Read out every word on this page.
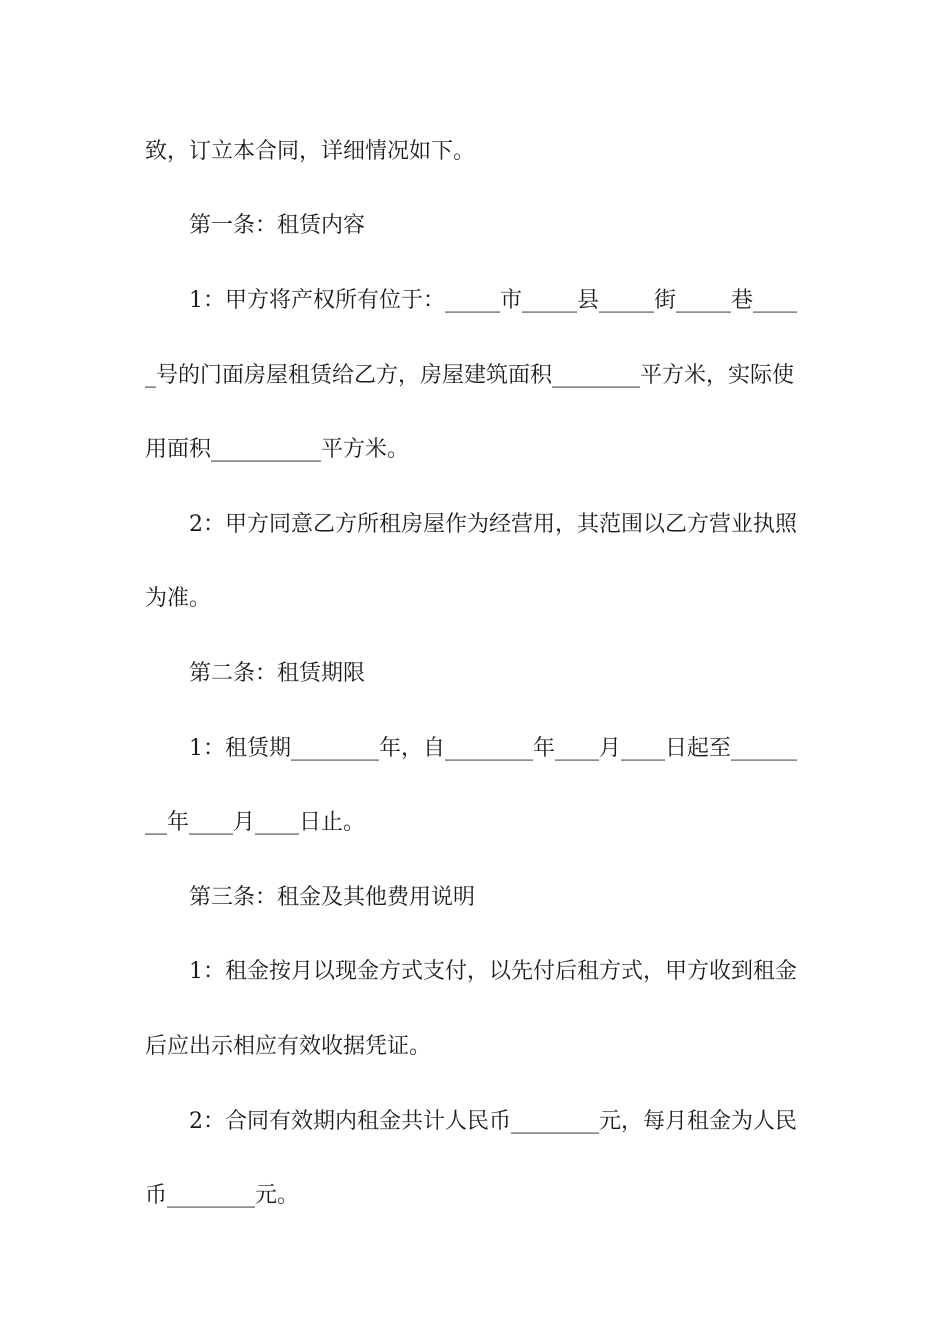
致，订立本合同，详细情况如下。
第一条：租赁内容
1：甲方将产权所有位于：_____市_____县_____街_____巷____
_号的门面房屋租赁给乙方，房屋建筑面积________平方米，实际使
用面积__________平方米。
2：甲方同意乙方所租房屋作为经营用，其范围以乙方营业执照
为准。
第二条：租赁期限
1：租赁期________年，自________年____月____日起至______
__年____月____日止。
第三条：租金及其他费用说明
1：租金按月以现金方式支付，以先付后租方式，甲方收到租金
后应出示相应有效收据凭证。
2：合同有效期内租金共计人民币________元，每月租金为人民
币________元。
